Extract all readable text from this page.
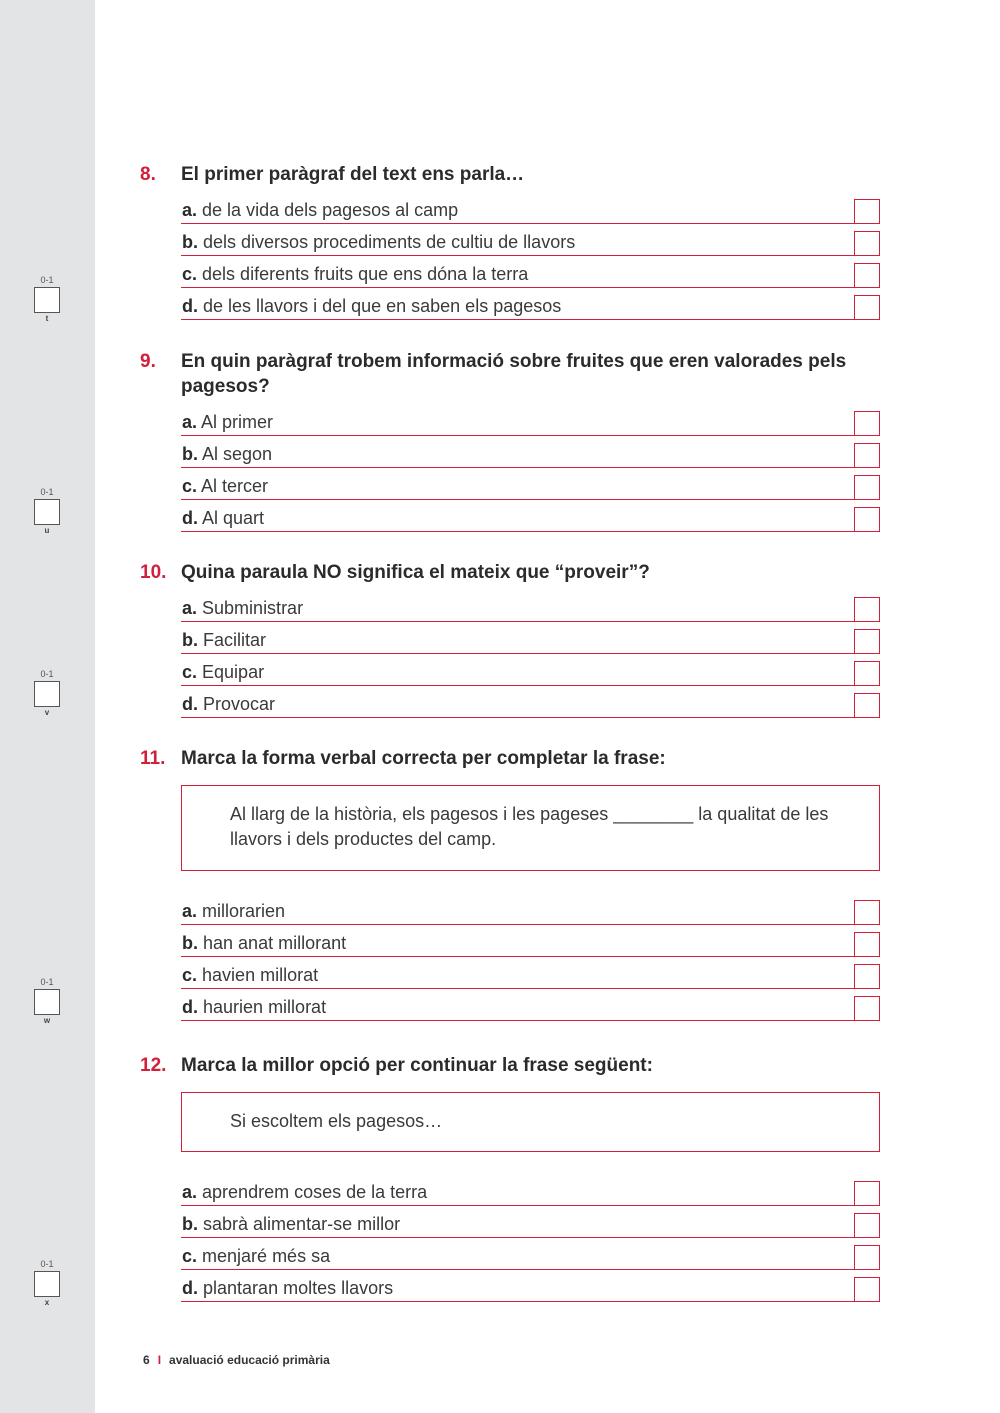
0-1
t
0-1
u
0-1
v
0-1
w
0-1
x
8. El primer paràgraf del text ens parla…
a. de la vida dels pagesos al camp
b. dels diversos procediments de cultiu de llavors
c. dels diferents fruits que ens dóna la terra
d. de les llavors i del que en saben els pagesos
9. En quin paràgraf trobem informació sobre fruites que eren valorades pels pagesos?
a. Al primer
b. Al segon
c. Al tercer
d. Al quart
10. Quina paraula NO significa el mateix que “proveir”?
a. Subministrar
b. Facilitar
c. Equipar
d. Provocar
11. Marca la forma verbal correcta per completar la frase:
Al llarg de la història, els pagesos i les pageses ________ la qualitat de les llavors i dels productes del camp.
a. millorarien
b. han anat millorant
c. havien millorat
d. haurien millorat
12. Marca la millor opció per continuar la frase següent:
Si escoltem els pagesos…
a. aprendrem coses de la terra
b. sabrà alimentar-se millor
c. menjaré més sa
d. plantaran moltes llavors
6 I avaluació educació primària
